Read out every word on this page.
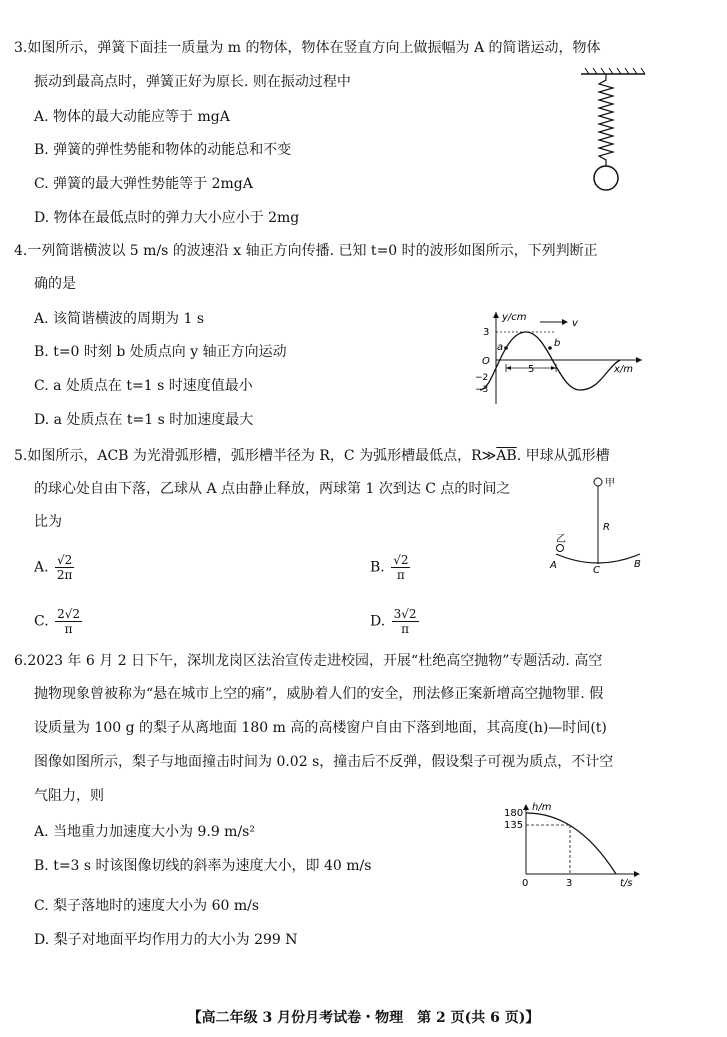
3.如图所示，弹簧下面挂一质量为 m 的物体，物体在竖直方向上做振幅为 A 的简谐运动，物体
振动到最高点时，弹簧正好为原长. 则在振动过程中
A. 物体的最大动能应等于 mgA
B. 弹簧的弹性势能和物体的动能总和不变
C. 弹簧的最大弹性势能等于 2mgA
D. 物体在最低点时的弹力大小应小于 2mg
4.一列简谐横波以 5 m/s 的波速沿 x 轴正方向传播. 已知 t=0 时的波形如图所示，下列判断正
确的是
A. 该简谐横波的周期为 1 s
B. t=0 时刻 b 处质点向 y 轴正方向运动
C. a 处质点在 t=1 s 时速度值最小
D. a 处质点在 t=1 s 时加速度最大
y/cm
x/m
O
3
−2
−3
a	b
5
v
5.如图所示，ACB 为光滑弧形槽，弧形槽半径为 R，C 为弧形槽最低点，$R≫\overline{AB}$. 甲球从弧形槽
的球心处自由下落，乙球从 A 点由静止释放，两球第 1 次到达 C 点的时间之
比为
A. $\frac{√2}{2\pi}$	B. $\frac{√2}{\pi}$
C. $\frac{2√2}{\pi}$	D. $\frac{3√2}{\pi}$
甲
R
乙
A	C
B
6.2023 年 6 月 2 日下午，深圳龙岗区法治宣传走进校园，开展“杜绝高空抛物”专题活动. 高空
抛物现象曾被称为“悬在城市上空的痛”，威胁着人们的安全，刑法修正案新增高空抛物罪. 假
设质量为 100 g 的梨子从离地面 180 m 高的高楼窗户自由下落到地面，其高度(h)—时间(t)
图像如图所示，梨子与地面撞击时间为 0.02 s，撞击后不反弹，假设梨子可视为质点，不计空
气阻力，则
A. 当地重力加速度大小为 9.9 m/s²
B. t=3 s 时该图像切线的斜率为速度大小，即 40 m/s
C. 梨子落地时的速度大小为 60 m/s
D. 梨子对地面平均作用力的大小为 299 N
h/m
t/s
180
135
0	3
【高二年级 3 月份月考试卷・物理　第 2 页(共 6 页)】
